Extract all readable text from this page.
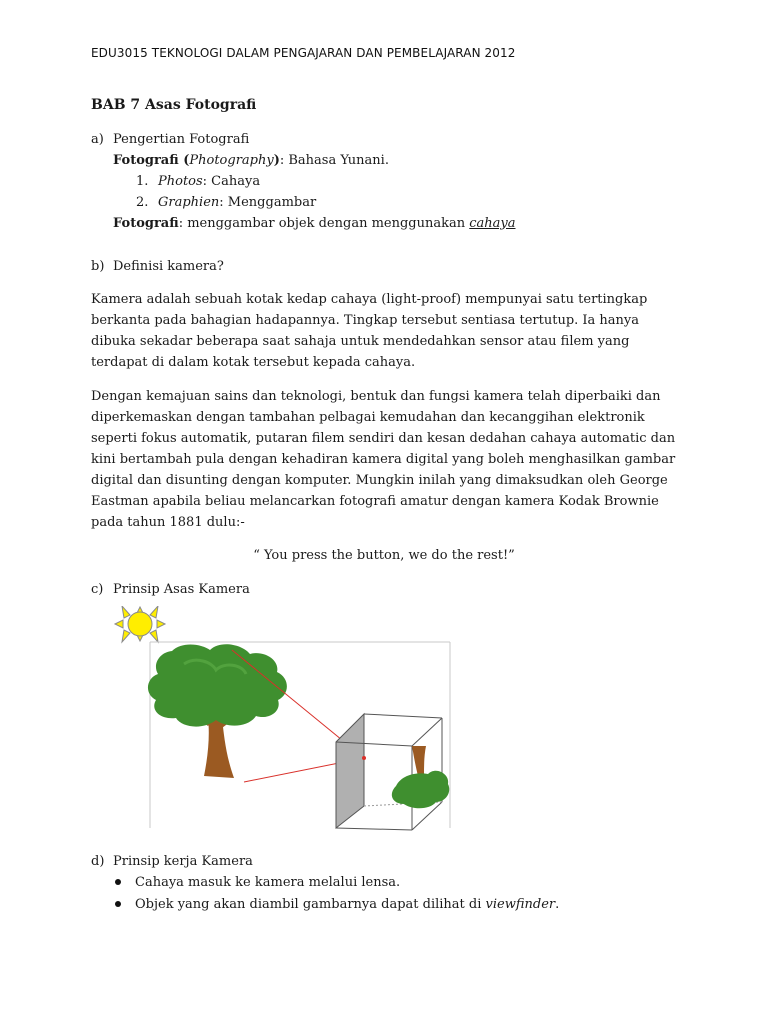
EDU3015 TEKNOLOGI DALAM PENGAJARAN DAN PEMBELAJARAN 2012
BAB 7 Asas Fotografi
a) Pengertian Fotografi
Fotografi (Photography): Bahasa Yunani.
1. Photos: Cahaya
2. Graphien: Menggambar
Fotografi: menggambar objek dengan menggunakan cahaya
b) Definisi kamera?
Kamera adalah sebuah kotak kedap cahaya (light-proof) mempunyai satu tertingkap berkanta pada bahagian hadapannya. Tingkap tersebut sentiasa tertutup. Ia hanya dibuka sekadar beberapa saat sahaja untuk mendedahkan sensor atau filem yang terdapat di dalam kotak tersebut kepada cahaya.
Dengan kemajuan sains dan teknologi, bentuk dan fungsi kamera telah diperbaiki dan diperkemaskan dengan tambahan pelbagai kemudahan dan kecanggihan elektronik seperti fokus automatik, putaran filem sendiri dan kesan dedahan cahaya automatic dan kini bertambah pula dengan kehadiran kamera digital yang boleh menghasilkan gambar digital dan disunting dengan komputer. Mungkin inilah yang dimaksudkan oleh George Eastman apabila beliau melancarkan fotografi amatur dengan kamera Kodak Brownie pada tahun 1881 dulu:-
“ You press the button, we do the rest!”
c) Prinsip Asas Kamera
d) Prinsip kerja Kamera
Cahaya masuk ke kamera melalui lensa.
Objek yang akan diambil gambarnya dapat dilihat di viewfinder.
